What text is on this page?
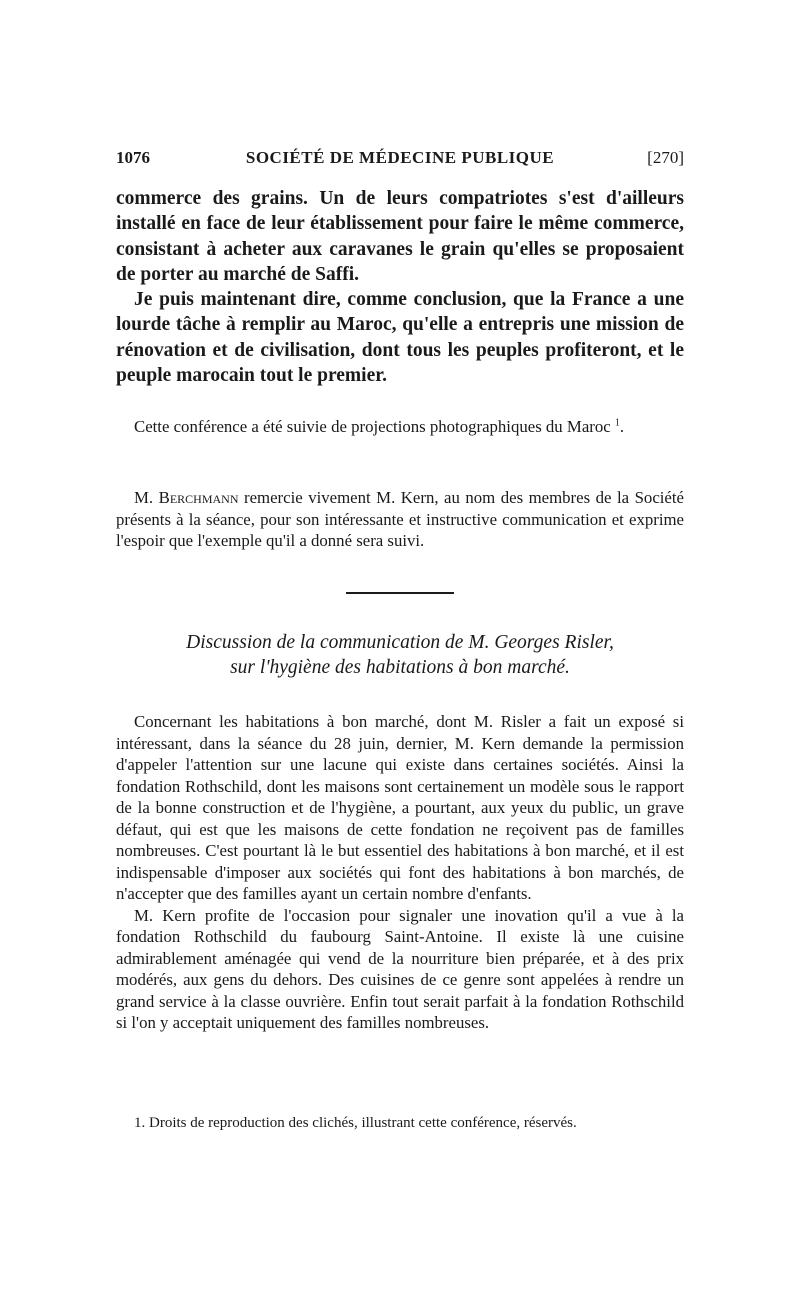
1076	SOCIÉTÉ DE MÉDECINE PUBLIQUE	[270]

commerce des grains. Un de leurs compatriotes s'est d'ailleurs installé en face de leur établissement pour faire le même commerce, consistant à acheter aux caravanes le grain qu'elles se proposaient de porter au marché de Saffi.

Je puis maintenant dire, comme conclusion, que la France a une lourde tâche à remplir au Maroc, qu'elle a entrepris une mission de rénovation et de civilisation, dont tous les peuples profiteront, et le peuple marocain tout le premier.

Cette conférence a été suivie de projections photographiques du Maroc $^1$.

M. Berchmann remercie vivement M. Kern, au nom des membres de la Société présents à la séance, pour son intéressante et instructive communication et exprime l'espoir que l'exemple qu'il a donné sera suivi.

Discussion de la communication de M. Georges Risler,
sur l'hygiène des habitations à bon marché.

Concernant les habitations à bon marché, dont M. Risler a fait un exposé si intéressant, dans la séance du 28 juin, dernier, M. Kern demande la permission d'appeler l'attention sur une lacune qui existe dans certaines sociétés. Ainsi la fondation Rothschild, dont les maisons sont certainement un modèle sous le rapport de la bonne construction et de l'hygiène, a pourtant, aux yeux du public, un grave défaut, qui est que les maisons de cette fondation ne reçoivent pas de familles nombreuses. C'est pourtant là le but essentiel des habitations à bon marché, et il est indispensable d'imposer aux sociétés qui font des habitations à bon marchés, de n'accepter que des familles ayant un certain nombre d'enfants.

M. Kern profite de l'occasion pour signaler une inovation qu'il a vue à la fondation Rothschild du faubourg Saint-Antoine. Il existe là une cuisine admirablement aménagée qui vend de la nourriture bien préparée, et à des prix modérés, aux gens du dehors. Des cuisines de ce genre sont appelées à rendre un grand service à la classe ouvrière. Enfin tout serait parfait à la fondation Rothschild si l'on y acceptait uniquement des familles nombreuses.

1. Droits de reproduction des clichés, illustrant cette conférence, réservés.
